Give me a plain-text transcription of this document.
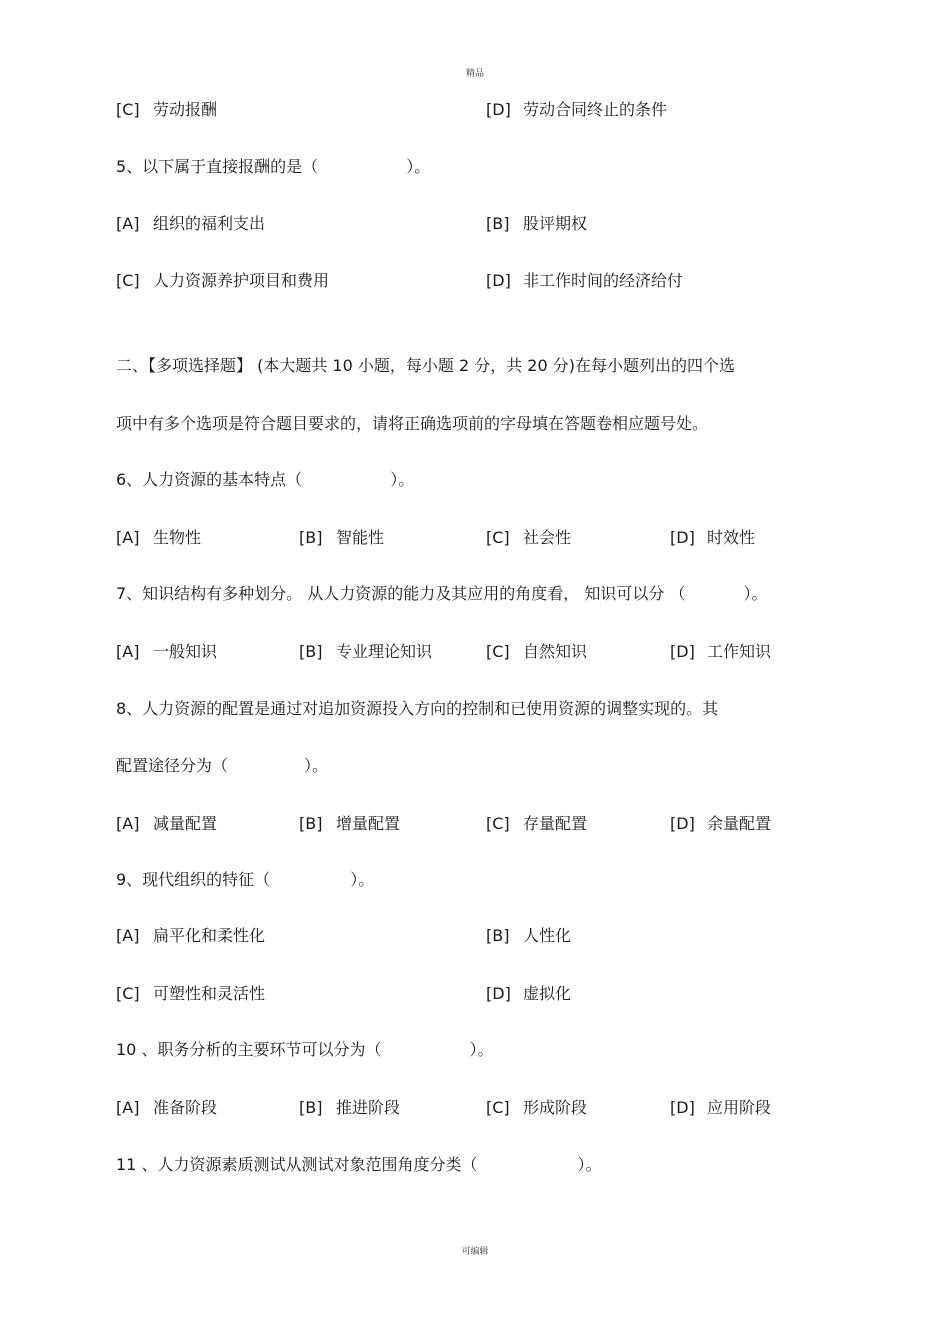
精品
[C] 劳动报酬	[D] 劳动合同终止的条件
5、以下属于直接报酬的是（	）。
[A] 组织的福利支出	[B] 股评期权
[C] 人力资源养护项目和费用	[D] 非工作时间的经济给付
二、【多项选择题】 (本大题共 10 小题，每小题 2 分，共 20 分)在每小题列出的四个选
项中有多个选项是符合题目要求的，请将正确选项前的字母填在答题卷相应题号处。
6、人力资源的基本特点（	）。
[A] 生物性	[B] 智能性	[C] 社会性	[D] 时效性
7、知识结构有多种划分。 从人力资源的能力及其应用的角度看， 知识可以分 （	）。
[A] 一般知识	[B] 专业理论知识	[C] 自然知识	[D] 工作知识
8、人力资源的配置是通过对追加资源投入方向的控制和已使用资源的调整实现的。其
配置途径分为（	）。
[A] 减量配置	[B] 增量配置	[C] 存量配置	[D] 余量配置
9、现代组织的特征（	）。
[A] 扁平化和柔性化	[B] 人性化
[C] 可塑性和灵活性	[D] 虚拟化
10 、职务分析的主要环节可以分为（	）。
[A] 准备阶段	[B] 推进阶段	[C] 形成阶段	[D] 应用阶段
11 、人力资源素质测试从测试对象范围角度分类（	）。
可编辑
